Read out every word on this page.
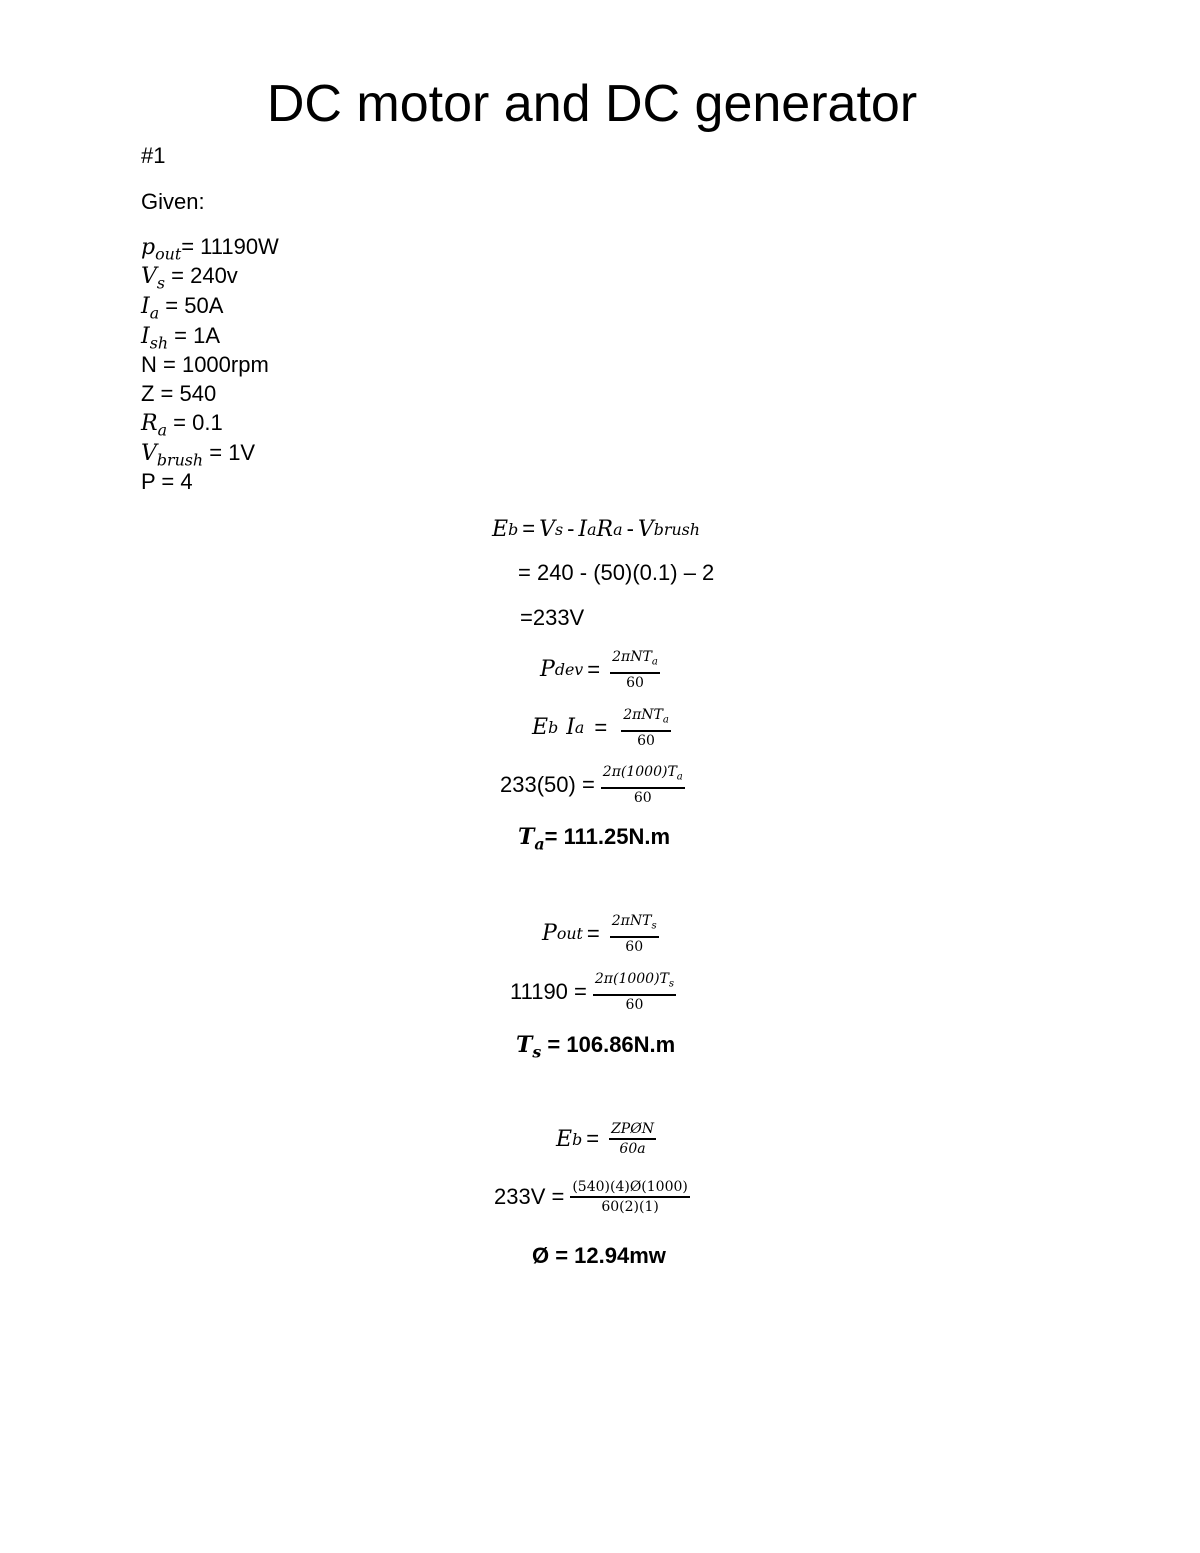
DC motor and DC generator
#1
Given:
$p_{out}= 11190W$
$V_s = 240v$
$I_a = 50A$
$I_{sh} = 1A$
N = 1000rpm
Z = 540
$R_a = 0.1$
$V_{brush} = 1V$
P = 4
E b = V s - I a R a - V brush
= 240 - (50)(0.1) – 2
=233V
P dev = $\frac{2\pi NT_a}{60}$
E b I $a = \frac{2\pi NT_a}{60}$
$233(50) = \frac{2\pi(1000)T_a}{60}$
$T_a= 111.25N.m$
P out = $\frac{2\pi NT_s}{60}$
$11190 = \frac{2\pi(1000)T_s}{60}$
$T_s = 106.86N.m$
E $b = \frac{\text{ZPØN}}{60a}$
$233V = \frac{(540)(4)Ø(1000)}{60(2)(1)}$
Ø = 12.94mw
